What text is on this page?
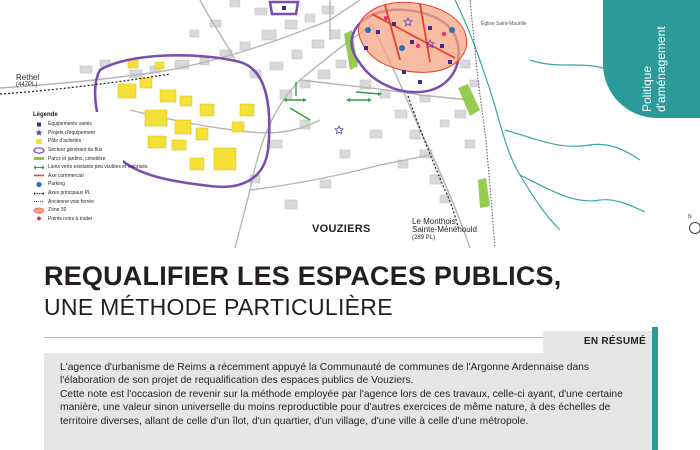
Rethel
(447PL)
VOUZIERS
Le Monthois
Sainte-Ménéhould
(289 PL)
Église Saint-Maurille
Légende
Équipements variés
Projets d'équipement
Pôle d'activités
Secteur générant du flux
Parcs et jardins, cimetière
Liens verts existants peu visibles et valorisés
Axe commercial
Parking
Axes principaux PL
Ancienne voie ferrée
Zone 30
Points noirs à traiter
Politique d'aménagement
N
REQUALIFIER LES ESPACES PUBLICS,
UNE MÉTHODE PARTICULIÈRE
EN RÉSUMÉ

L'agence d'urbanisme de Reims a récemment appuyé la Communauté de communes de l'Argonne Ardennaise dans l'élaboration de son projet de requalification des espaces publics de Vouziers.

Cette note est l'occasion de revenir sur la méthode employée par l'agence lors de ces travaux, celle-ci ayant, d'une certaine manière, une valeur sinon universelle du moins reproductible pour d'autres exercices de même nature, à des échelles de territoire diverses, allant de celle d'un îlot, d'un quartier, d'un village, d'une ville à celle d'une métropole.
